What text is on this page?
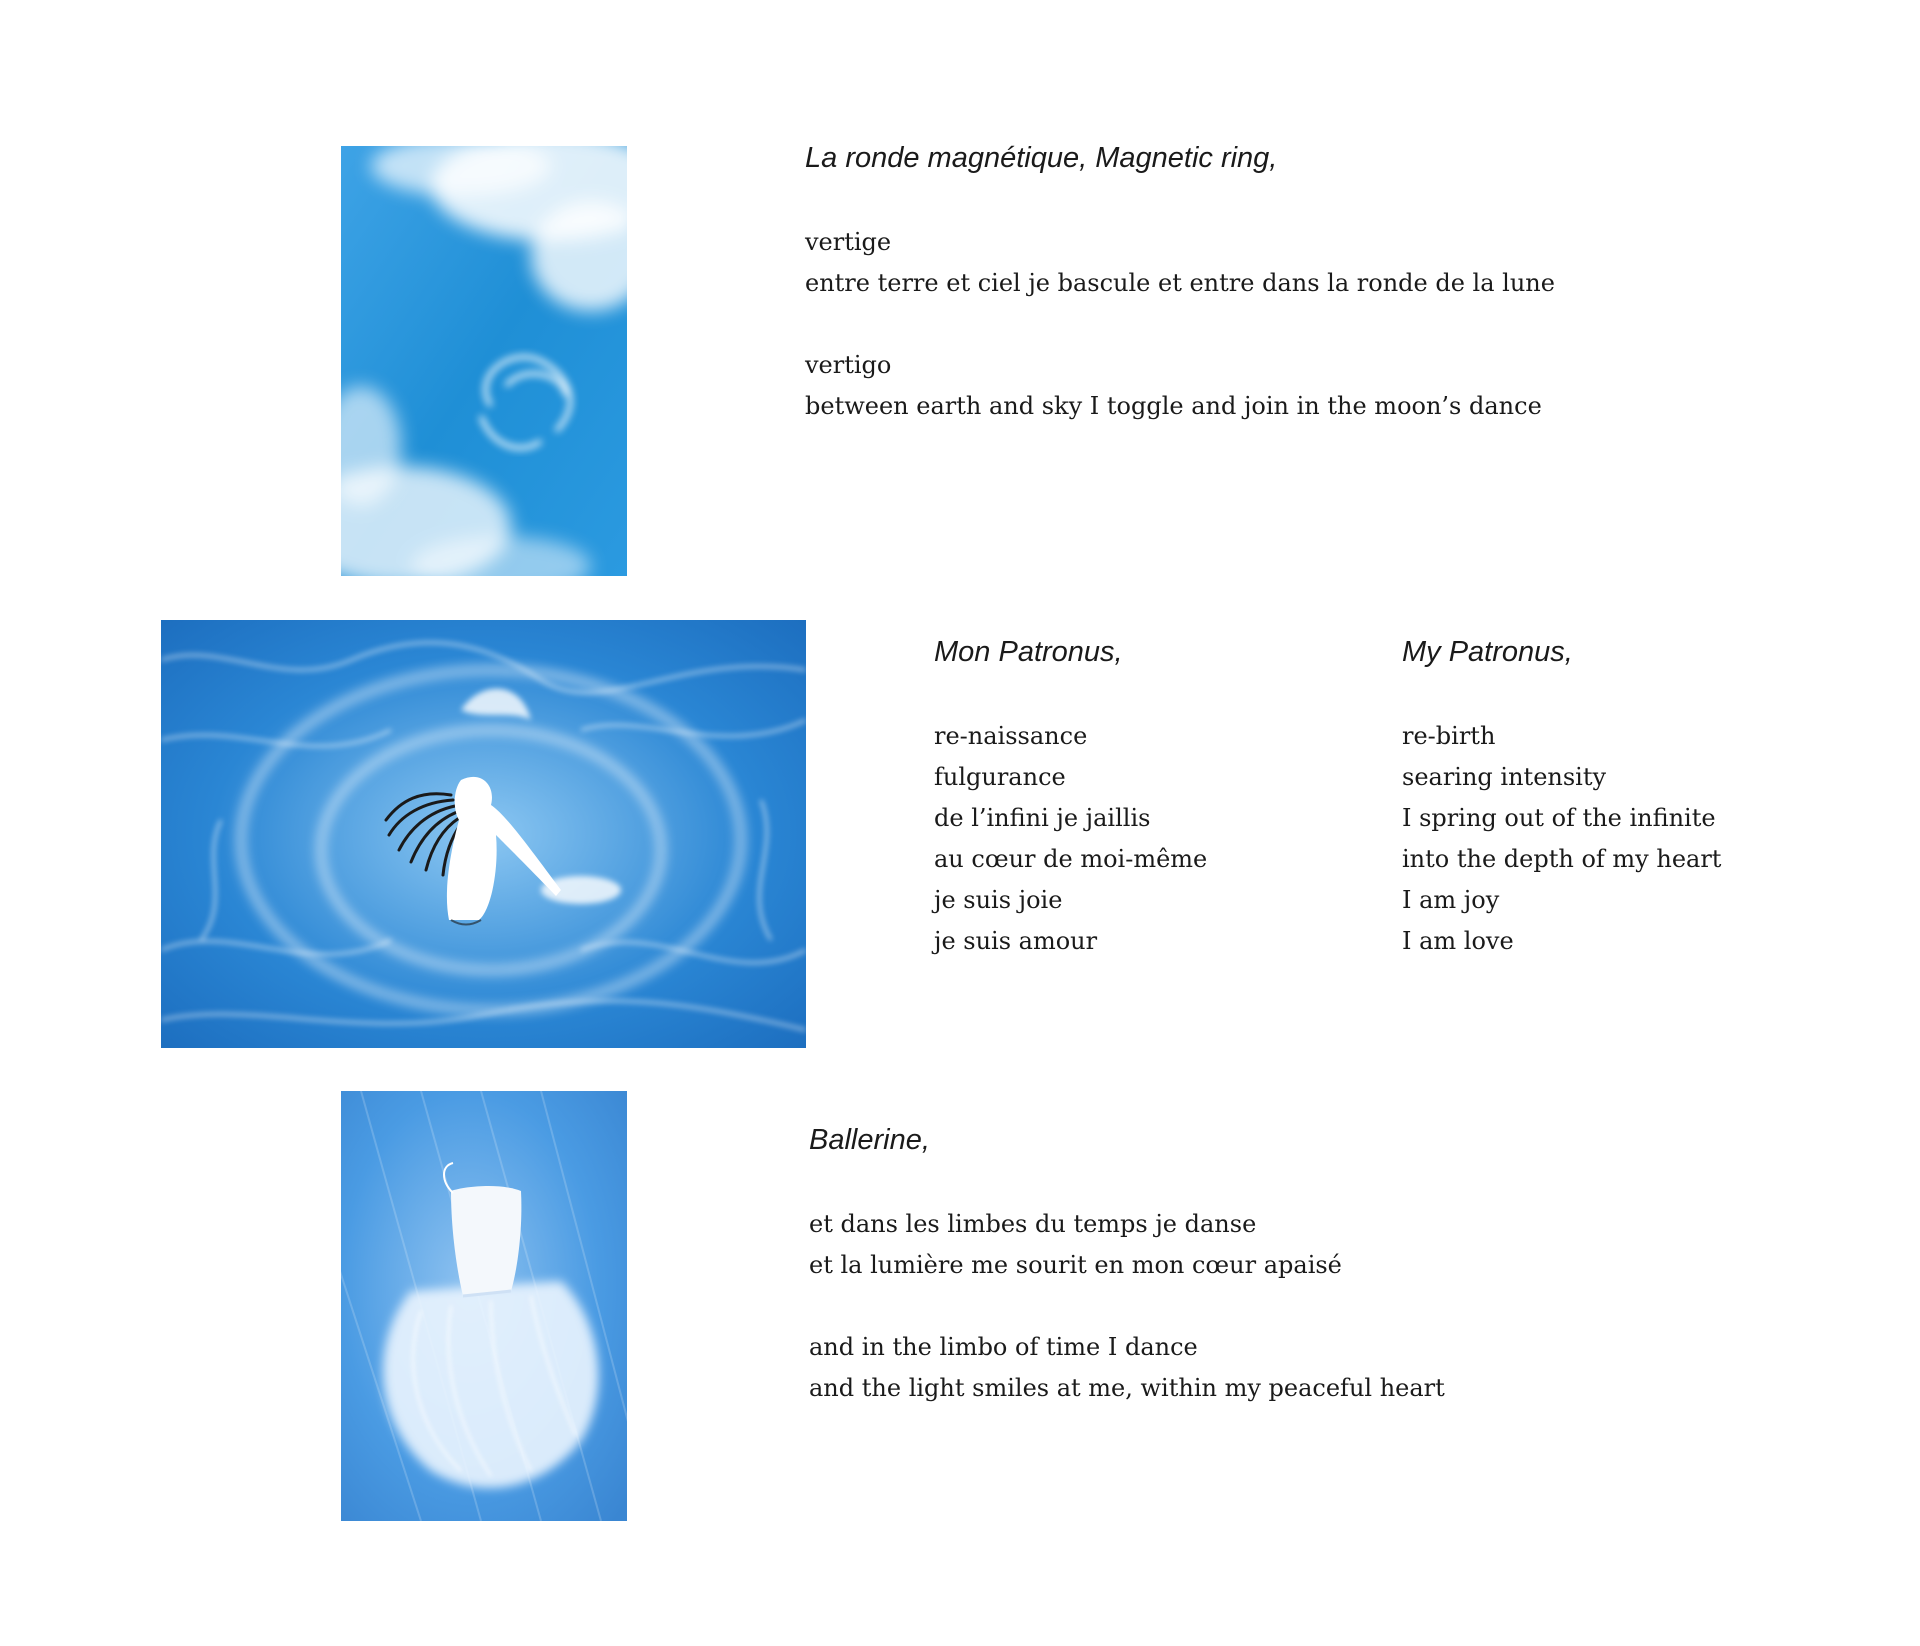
La ronde magnétique, Magnetic ring,
vertige
entre terre et ciel je bascule et entre dans la ronde de la lune
vertigo
between earth and sky I toggle and join in the moon’s dance
Mon Patronus,
re-naissance
fulgurance
de l’infini je jaillis
au cœur de moi-même
je suis joie
je suis amour
My Patronus,
re-birth
searing intensity
I spring out of the infinite
into the depth of my heart
I am joy
I am love
Ballerine,
et dans les limbes du temps je danse
et la lumière me sourit en mon cœur apaisé
and in the limbo of time I dance
and the light smiles at me, within my peaceful heart
